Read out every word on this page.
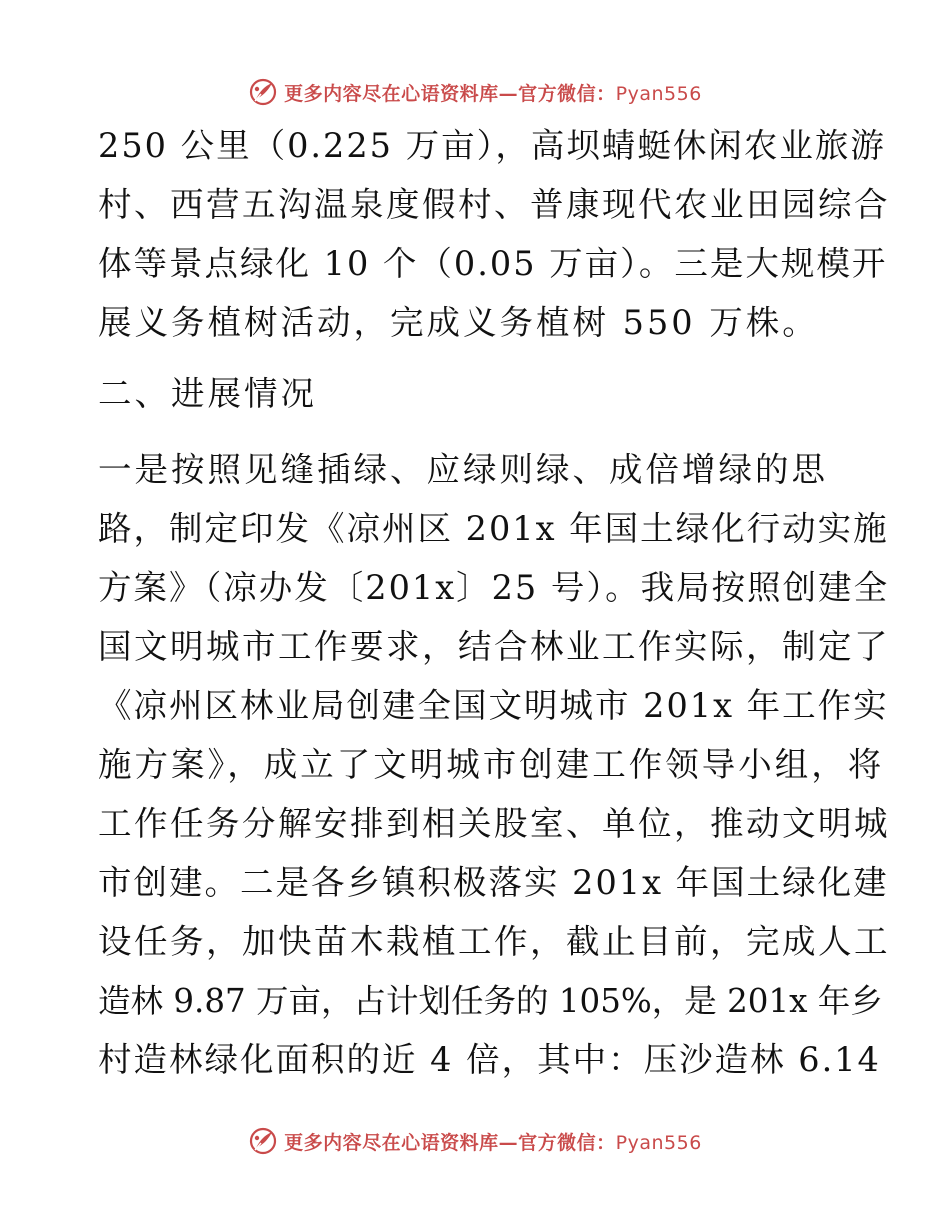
更多内容尽在心语资料库—官方微信：Pyan556
250 公里（0.225 万亩），高坝蜻蜓休闲农业旅游
村、西营五沟温泉度假村、普康现代农业田园综合
体等景点绿化 10 个（0.05 万亩）。三是大规模开
展义务植树活动，完成义务植树 550 万株。
二、进展情况
一是按照见缝插绿、应绿则绿、成倍增绿的思
路，制定印发《凉州区 201x 年国土绿化行动实施
方案》（凉办发〔201x〕25 号）。我局按照创建全
国文明城市工作要求，结合林业工作实际，制定了
《凉州区林业局创建全国文明城市 201x 年工作实
施方案》，成立了文明城市创建工作领导小组，将
工作任务分解安排到相关股室、单位，推动文明城
市创建。二是各乡镇积极落实 201x 年国土绿化建
设任务，加快苗木栽植工作，截止目前，完成人工
造林 9.87 万亩，占计划任务的 105%，是 201x 年乡
村造林绿化面积的近 4 倍，其中：压沙造林 6.14
更多内容尽在心语资料库—官方微信：Pyan556
